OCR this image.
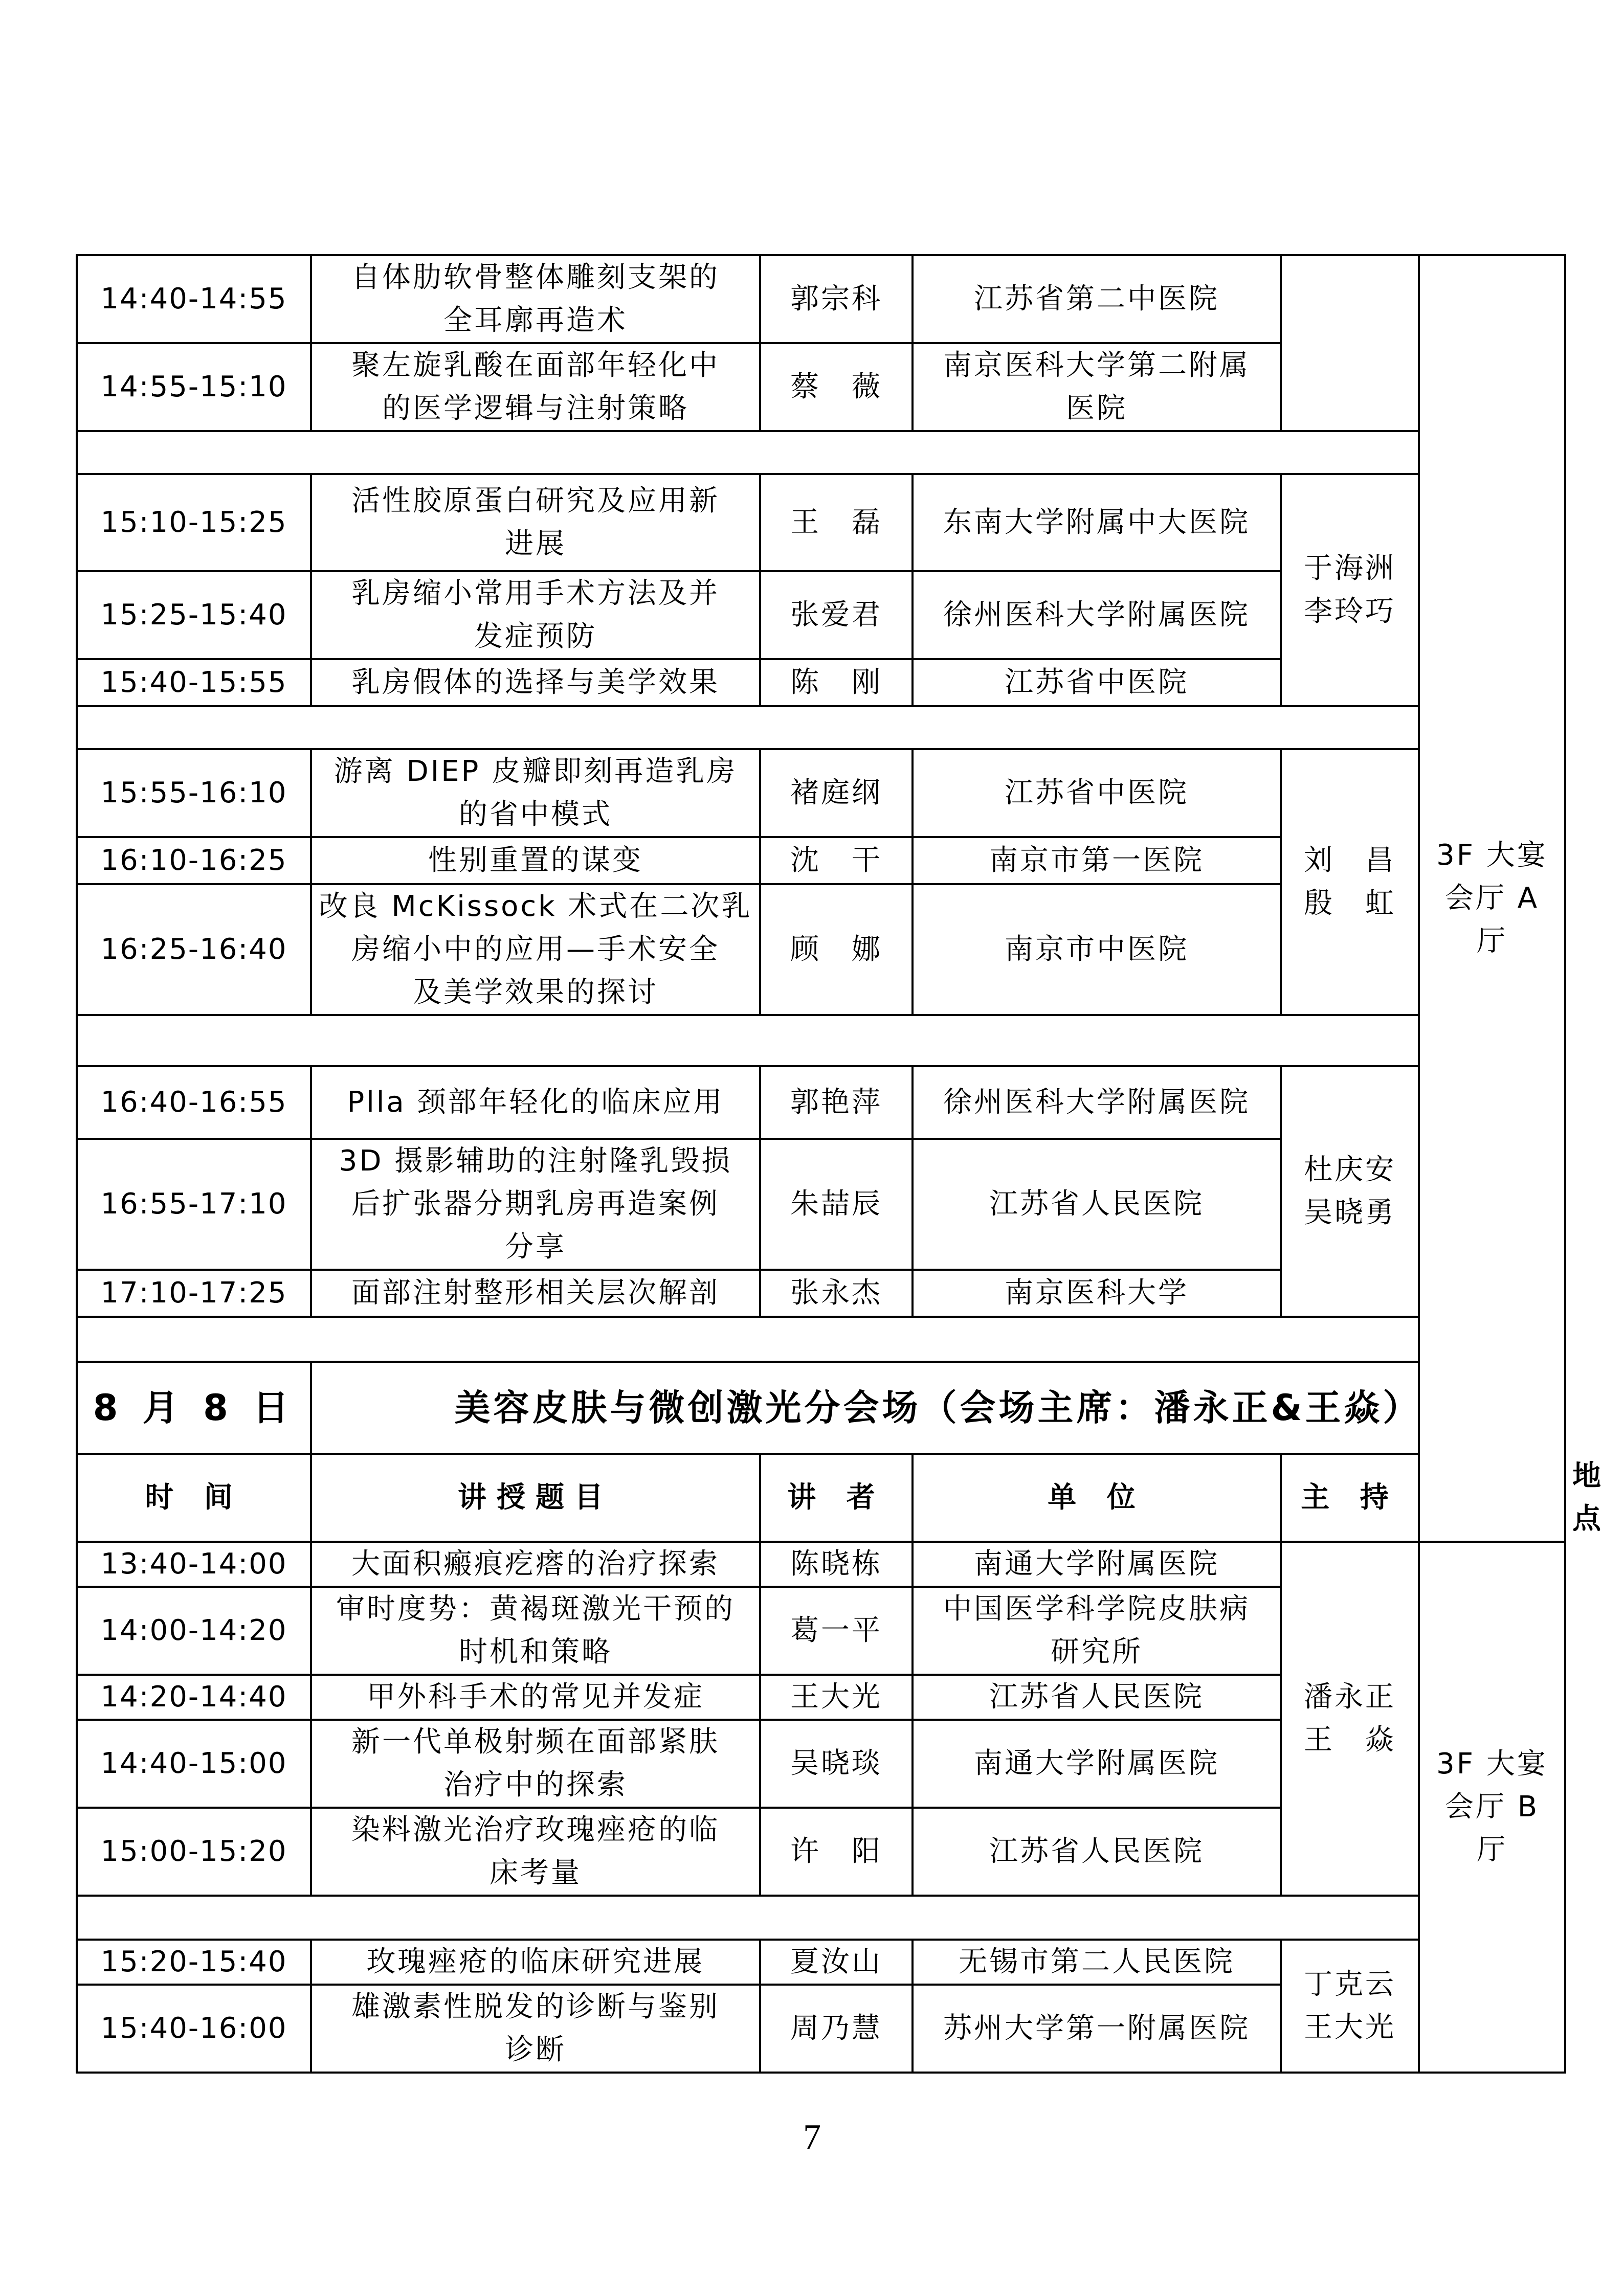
14:40-14:55	自体肋软骨整体雕刻支架的
全耳廓再造术	郭宗科	江苏省第二中医院		3F 大宴
会厅 A
厅	
14:55-15:10	聚左旋乳酸在面部年轻化中
的医学逻辑与注射策略	蔡　薇	南京医科大学第二附属
医院			

15:10-15:25	活性胶原蛋白研究及应用新
进展	王　磊	东南大学附属中大医院	于海洲
李玲巧		
15:25-15:40	乳房缩小常用手术方法及并
发症预防	张爱君	徐州医科大学附属医院			
15:40-15:55	乳房假体的选择与美学效果	陈　刚	江苏省中医院			

15:55-16:10	游离 DIEP 皮瓣即刻再造乳房
的省中模式	褚庭纲	江苏省中医院	刘　昌
殷　虹		
16:10-16:25	性别重置的谋变	沈　干	南京市第一医院			
16:25-16:40	改良 McKissock 术式在二次乳
房缩小中的应用—手术安全
及美学效果的探讨	顾　娜	南京市中医院			

16:40-16:55	Plla 颈部年轻化的临床应用	郭艳萍	徐州医科大学附属医院	杜庆安
吴晓勇		
16:55-17:10	3D 摄影辅助的注射隆乳毁损
后扩张器分期乳房再造案例
分享	朱喆辰	江苏省人民医院			
17:10-17:25	面部注射整形相关层次解剖	张永杰	南京医科大学			

8 月 8 日	美容皮肤与微创激光分会场（会场主席：潘永正&王焱）					
时 间	讲授题目	讲 者	单 位	主 持		地 点
13:40-14:00	大面积瘢痕疙瘩的治疗探索	陈晓栋	南通大学附属医院	潘永正
王　焱	3F 大宴
会厅 B
厅	
14:00-14:20	审时度势：黄褐斑激光干预的
时机和策略	葛一平	中国医学科学院皮肤病
研究所			
14:20-14:40	甲外科手术的常见并发症	王大光	江苏省人民医院			
14:40-15:00	新一代单极射频在面部紧肤
治疗中的探索	吴晓琰	南通大学附属医院			
15:00-15:20	染料激光治疗玫瑰痤疮的临
床考量	许　阳	江苏省人民医院			

15:20-15:40	玫瑰痤疮的临床研究进展	夏汝山	无锡市第二人民医院	丁克云
王大光		
15:40-16:00	雄激素性脱发的诊断与鉴别
诊断	周乃慧	苏州大学第一附属医院			
7
